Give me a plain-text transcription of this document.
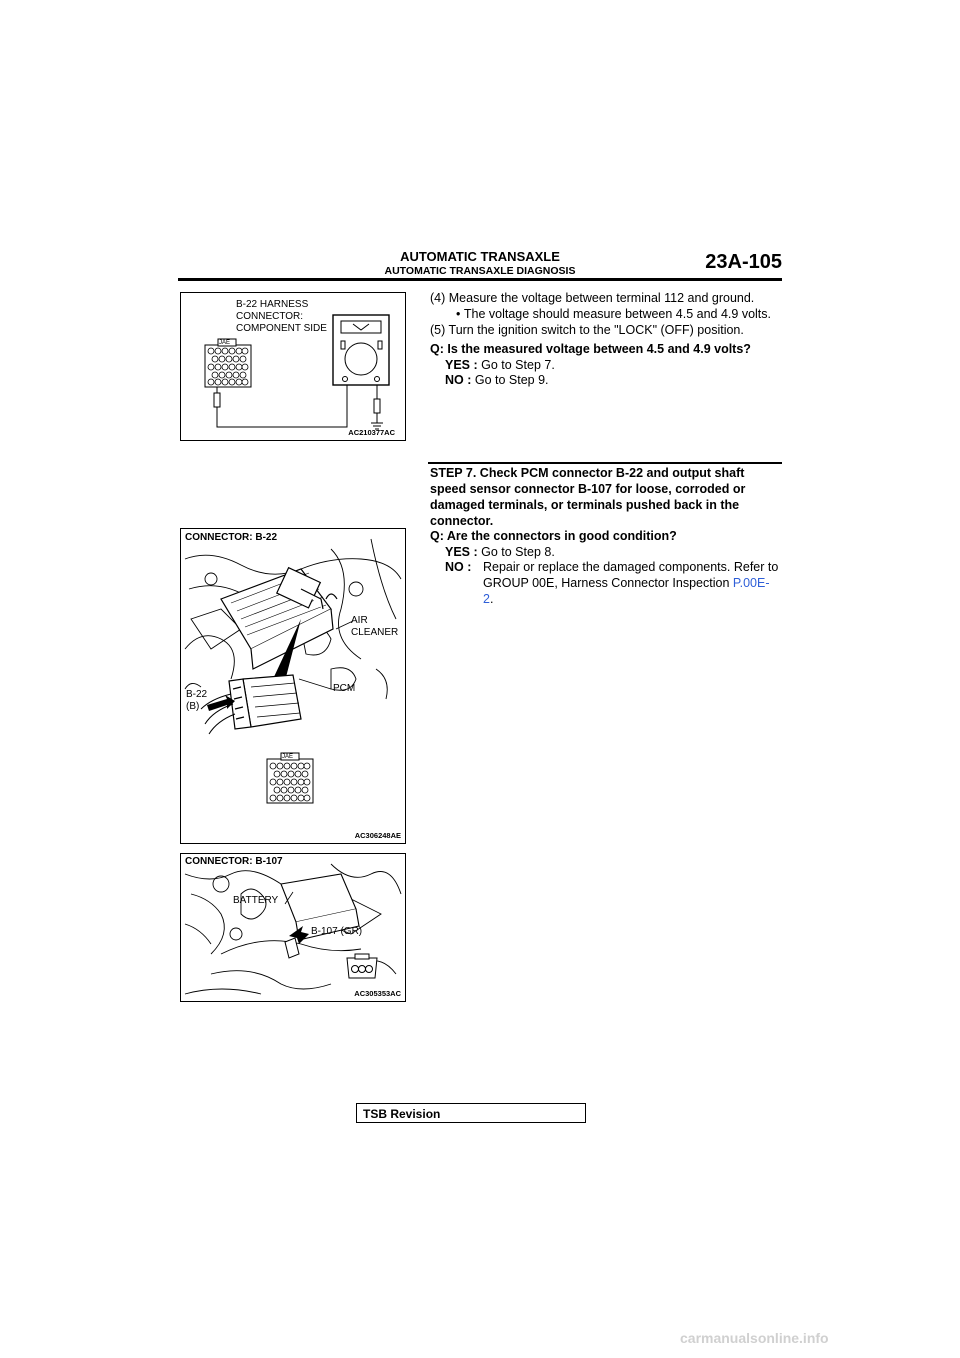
AUTOMATIC TRANSAXLE
AUTOMATIC TRANSAXLE DIAGNOSIS	23A-105
B-22 HARNESS
CONNECTOR:
COMPONENT SIDE
JAE
AC210377AC
CONNECTOR: B-22
AIR
CLEANER
PCM
B-22
(B)
JAE
AC306248AE
CONNECTOR: B-107
BATTERY
B-107 (GR)
AC305353AC
(4) Measure the voltage between terminal 112 and ground.
• The voltage should measure between 4.5 and 4.9 volts.
(5) Turn the ignition switch to the "LOCK" (OFF) position.
Q: Is the measured voltage between 4.5 and 4.9 volts?
YES : Go to Step 7.
NO : Go to Step 9.
STEP 7. Check PCM connector B-22 and output shaft
speed sensor connector B-107 for loose, corroded or
damaged terminals, or terminals pushed back in the
connector.
Q: Are the connectors in good condition?
YES : Go to Step 8.
NO : Repair or replace the damaged components. Refer to
GROUP 00E, Harness Connector Inspection P.00E-
2.
TSB Revision
carmanualsonline.info
